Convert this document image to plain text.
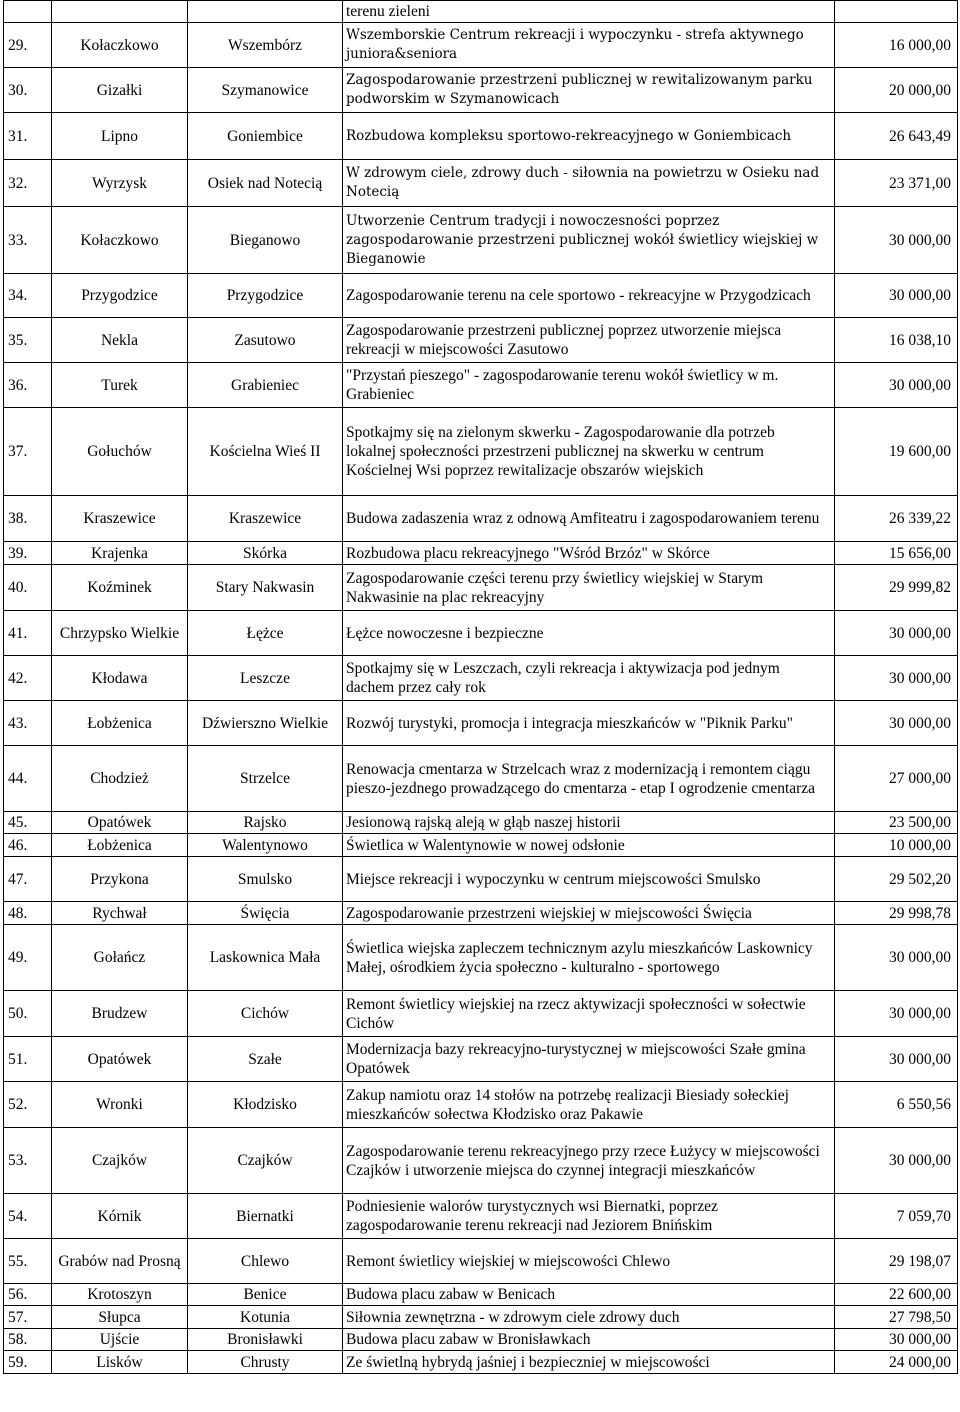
			terenu zieleni	
29.	Kołaczkowo	Wszembórz	Wszemborskie Centrum rekreacji i wypoczynku - strefa aktywnego juniora&seniora	16 000,00
30.	Gizałki	Szymanowice	Zagospodarowanie przestrzeni publicznej w rewitalizowanym parku podworskim w Szymanowicach	20 000,00
31.	Lipno	Goniembice	Rozbudowa kompleksu sportowo-rekreacyjnego w Goniembicach	26 643,49
32.	Wyrzysk	Osiek nad Notecią	W zdrowym ciele, zdrowy duch - siłownia na powietrzu w Osieku nad Notecią	23 371,00
33.	Kołaczkowo	Bieganowo	Utworzenie Centrum tradycji i nowoczesności poprzez zagospodarowanie przestrzeni publicznej wokół świetlicy wiejskiej w Bieganowie	30 000,00
34.	Przygodzice	Przygodzice	Zagospodarowanie terenu na cele sportowo - rekreacyjne w Przygodzicach	30 000,00
35.	Nekla	Zasutowo	Zagospodarowanie przestrzeni publicznej poprzez utworzenie miejsca rekreacji w miejscowości Zasutowo	16 038,10
36.	Turek	Grabieniec	"Przystań pieszego" - zagospodarowanie terenu wokół świetlicy w m. Grabieniec	30 000,00
37.	Gołuchów	Kościelna Wieś II	Spotkajmy się na zielonym skwerku - Zagospodarowanie dla potrzeb lokalnej społeczności przestrzeni publicznej na skwerku w centrum Kościelnej Wsi poprzez rewitalizacje obszarów wiejskich	19 600,00
38.	Kraszewice	Kraszewice	Budowa zadaszenia wraz z odnową Amfiteatru i zagospodarowaniem terenu	26 339,22
39.	Krajenka	Skórka	Rozbudowa placu rekreacyjnego "Wśród Brzóz" w Skórce	15 656,00
40.	Koźminek	Stary Nakwasin	Zagospodarowanie części terenu przy świetlicy wiejskiej w Starym Nakwasinie na plac rekreacyjny	29 999,82
41.	Chrzypsko Wielkie	Łężce	Łężce nowoczesne i bezpieczne	30 000,00
42.	Kłodawa	Leszcze	Spotkajmy się w Leszczach, czyli rekreacja i aktywizacja pod jednym dachem przez cały rok	30 000,00
43.	Łobżenica	Dźwierszno Wielkie	Rozwój turystyki, promocja i integracja mieszkańców w "Piknik Parku"	30 000,00
44.	Chodzież	Strzelce	Renowacja cmentarza w Strzelcach wraz z modernizacją i remontem ciągu pieszo-jezdnego prowadzącego do cmentarza - etap I ogrodzenie cmentarza	27 000,00
45.	Opatówek	Rajsko	Jesionową rajską aleją w głąb naszej historii	23 500,00
46.	Łobżenica	Walentynowo	Świetlica w Walentynowie w nowej odsłonie	10 000,00
47.	Przykona	Smulsko	Miejsce rekreacji i wypoczynku w centrum miejscowości Smulsko	29 502,20
48.	Rychwał	Święcia	Zagospodarowanie przestrzeni wiejskiej w miejscowości Święcia	29 998,78
49.	Gołańcz	Laskownica Mała	Świetlica wiejska zapleczem technicznym azylu mieszkańców Laskownicy Małej, ośrodkiem życia społeczno - kulturalno - sportowego	30 000,00
50.	Brudzew	Cichów	Remont świetlicy wiejskiej na rzecz aktywizacji społeczności w sołectwie Cichów	30 000,00
51.	Opatówek	Szałe	Modernizacja bazy rekreacyjno-turystycznej w miejscowości Szałe gmina Opatówek	30 000,00
52.	Wronki	Kłodzisko	Zakup namiotu oraz 14 stołów na potrzebę realizacji Biesiady sołeckiej mieszkańców sołectwa Kłodzisko oraz Pakawie	6 550,56
53.	Czajków	Czajków	Zagospodarowanie terenu rekreacyjnego przy rzece Łużycy w miejscowości Czajków i utworzenie miejsca do czynnej integracji mieszkańców	30 000,00
54.	Kórnik	Biernatki	Podniesienie walorów turystycznych wsi Biernatki, poprzez zagospodarowanie terenu rekreacji nad Jeziorem Bnińskim	7 059,70
55.	Grabów nad Prosną	Chlewo	Remont świetlicy wiejskiej w miejscowości Chlewo	29 198,07
56.	Krotoszyn	Benice	Budowa placu zabaw w Benicach	22 600,00
57.	Słupca	Kotunia	Siłownia zewnętrzna - w zdrowym ciele zdrowy duch	27 798,50
58.	Ujście	Bronisławki	Budowa placu zabaw w Bronisławkach	30 000,00
59.	Lisków	Chrusty	Ze świetlną hybrydą jaśniej i bezpieczniej w miejscowości	24 000,00
